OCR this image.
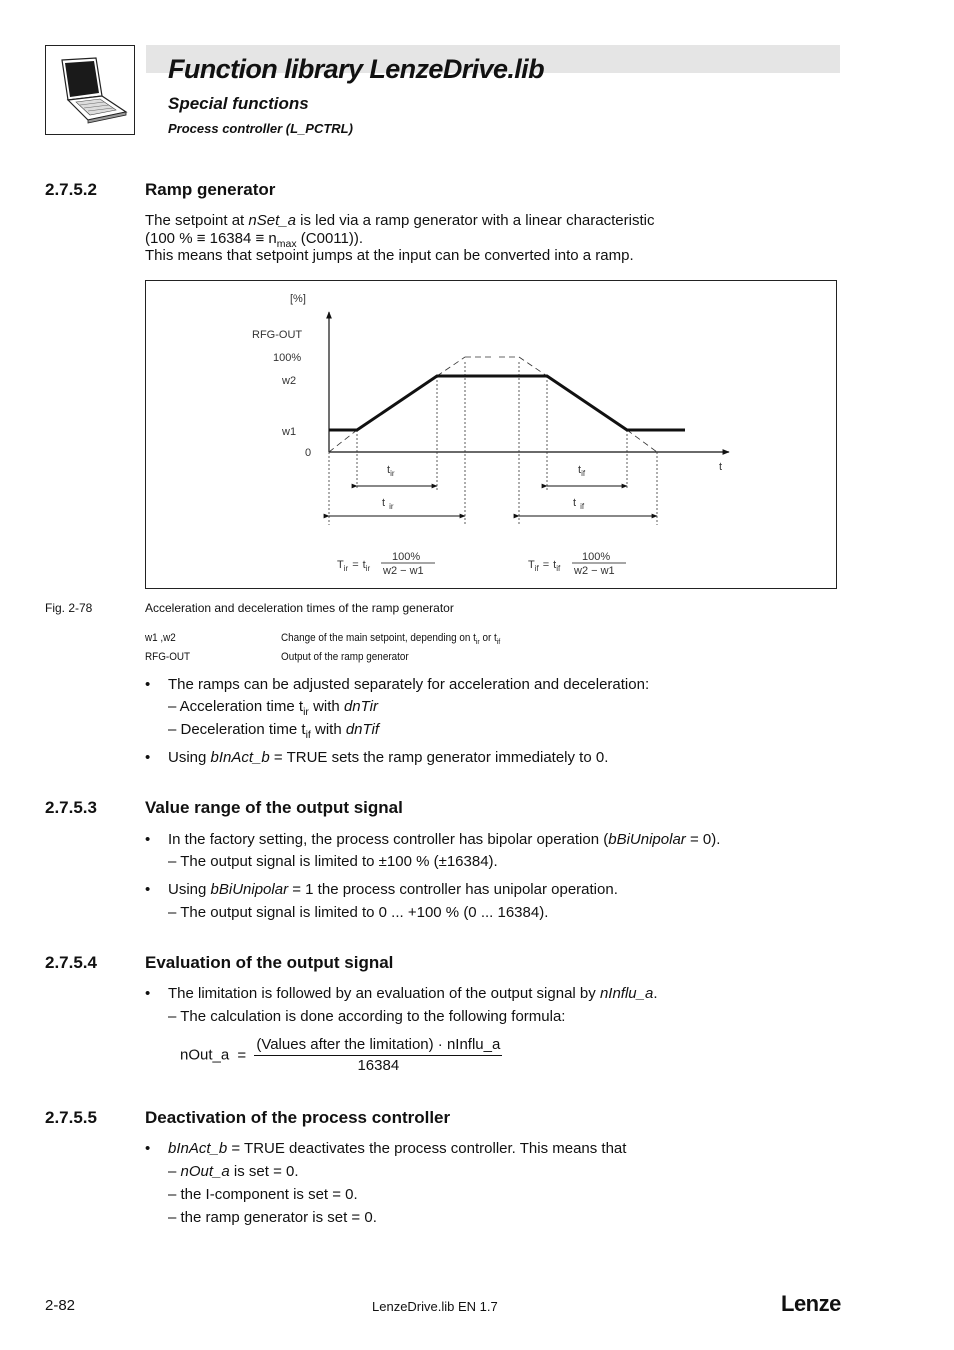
Function library LenzeDrive.lib
Special functions
Process controller (L_PCTRL)
2.7.5.2	Ramp generator
The setpoint at nSet_a is led via a ramp generator with a linear characteristic
(100 % ≡ $16384 \equiv n_{max}$ (C0011)).
This means that setpoint jumps at the input can be converted into a ramp.
[%]
RFG-OUT
100%
w2
w1
0
t
$t_{ir}$
t $_{ir}$
$t_{if}$
t $_{if}$
$T_{ir} = t_{ir}$
100%
w2 − w1	$T_{if} = t_{if}$
100%
w2 − w1
Fig. 2-78	Acceleration and deceleration times of the ramp generator
w1 ,w2	Change of the main setpoint, depending on $t_{ir}$ or $t_{if}$
RFG-OUT	Output of the ramp generator
• The ramps can be adjusted separately for acceleration and deceleration:
– Acceleration time $t_{ir}$ with dnTir
– Deceleration time $t_{if}$ with dnTif
• Using bInAct_b = TRUE sets the ramp generator immediately to 0.
2.7.5.3	Value range of the output signal
• In the factory setting, the process controller has bipolar operation (bBiUnipolar = 0).
– The output signal is limited to ±100 % (±16384).
• Using bBiUnipolar = 1 the process controller has unipolar operation.
– The output signal is limited to 0 ... +100 % (0 ... 16384).
2.7.5.4	Evaluation of the output signal
• The limitation is followed by an evaluation of the output signal by nInflu_a.
– The calculation is done according to the following formula:
nOut_a = $\frac{\text{(Values after the limitation) · nInflu\_a}}{16384}$
2.7.5.5	Deactivation of the process controller
• bInAct_b = TRUE deactivates the process controller. This means that
– nOut_a is set = 0.
– the I-component is set = 0.
– the ramp generator is set = 0.
2-82	LenzeDrive.lib EN 1.7	Lenze
